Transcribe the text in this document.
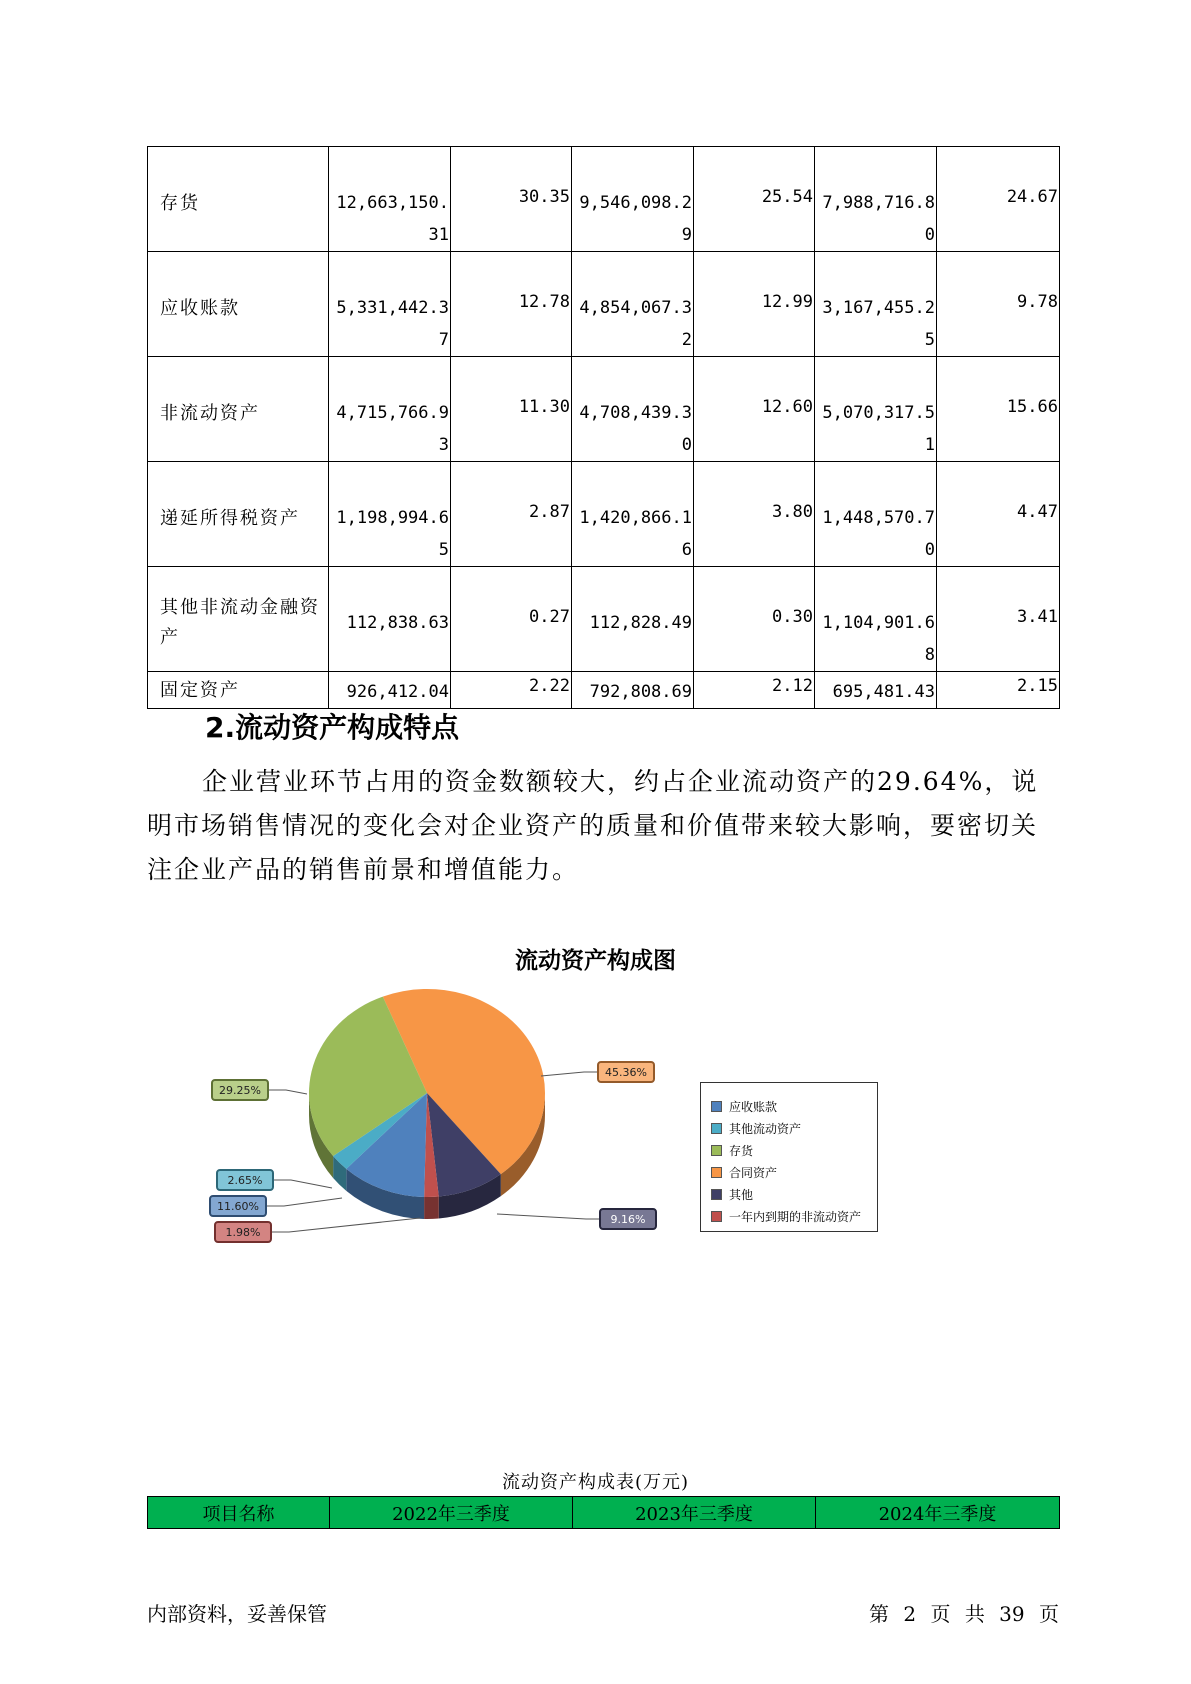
存货	12,663,150.31	30.35	9,546,098.29	25.54	7,988,716.80	24.67

应收账款	5,331,442.37	12.78	4,854,067.32	12.99	3,167,455.25	9.78

非流动资产	4,715,766.93	11.30	4,708,439.30	12.60	5,070,317.51	15.66

递延所得税资产	1,198,994.65	2.87	1,420,866.16	3.80	1,448,570.70	4.47

其他非流动金融资产	112,838.63	0.27	112,828.49	0.30	1,104,901.68	3.41

固定资产	926,412.04	2.22	792,808.69	2.12	695,481.43	2.15
2.流动资产构成特点

企业营业环节占用的资金数额较大，约占企业流动资产的29.64%，说明市场销售情况的变化会对企业资产的质量和价值带来较大影响，要密切关注企业产品的销售前景和增值能力。

流动资产构成图
11.60%
2.65%
29.25%
45.36%
9.16%
1.98%
应收账款
其他流动资产
存货
合同资产
其他
一年内到期的非流动资产
流动资产构成表(万元)
项目名称	2022年三季度	2023年三季度	2024年三季度
内部资料，妥善保管	第 2 页 共 39 页
